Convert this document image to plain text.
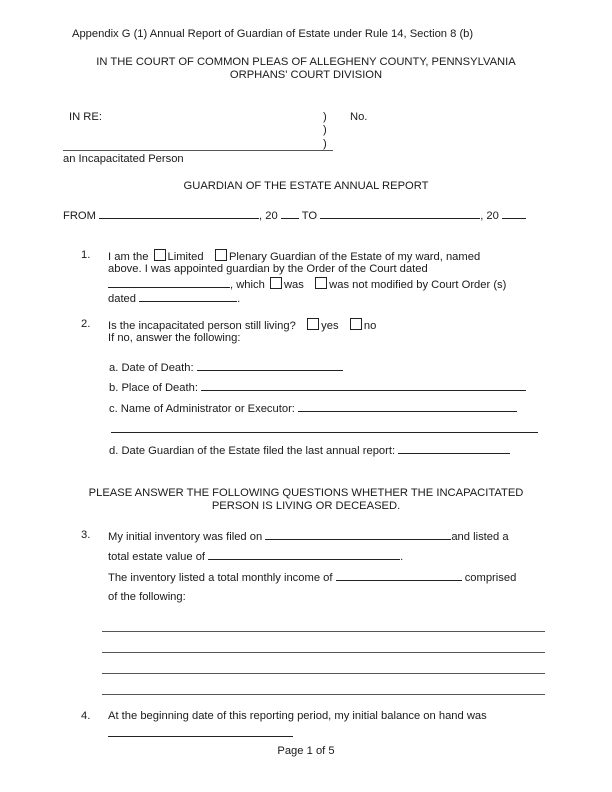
Appendix G (1) Annual Report of Guardian of Estate under Rule 14, Section 8 (b)
IN THE COURT OF COMMON PLEAS OF ALLEGHENY COUNTY, PENNSYLVANIA
ORPHANS' COURT DIVISION
IN RE:	)
)
)
No.
an Incapacitated Person
GUARDIAN OF THE ESTATE ANNUAL REPORT
FROM	, 20 TO	, 20
1. I am the Limited Plenary Guardian of the Estate of my ward, named
above. I was appointed guardian by the Order of the Court dated
, which was was not modified by Court Order (s)
dated	.
2. Is the incapacitated person still living? yes no
If no, answer the following:
a. Date of Death:
b. Place of Death:
c. Name of Administrator or Executor:
d. Date Guardian of the Estate filed the last annual report:
PLEASE ANSWER THE FOLLOWING QUESTIONS WHETHER THE INCAPACITATED
PERSON IS LIVING OR DECEASED.
3. My initial inventory was filed on	and listed a
total estate value of	.
The inventory listed a total monthly income of	comprised
of the following:
4. At the beginning date of this reporting period, my initial balance on hand was
Page 1 of 5
